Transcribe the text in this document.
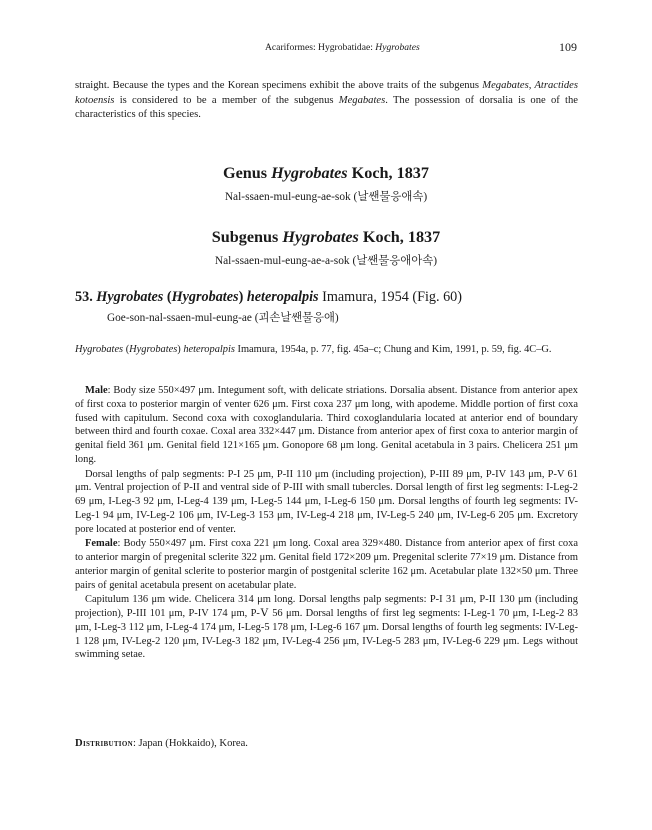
Acariformes: Hygrobatidae: Hygrobates	109
straight. Because the types and the Korean specimens exhibit the above traits of the subgenus Megabates, Atractides kotoensis is considered to be a member of the subgenus Megabates. The possession of dorsalia is one of the characteristics of this species.
Genus Hygrobates Koch, 1837
Nal-ssaen-mul-eung-ae-sok (날쌘물응애속)
Subgenus Hygrobates Koch, 1837
Nal-ssaen-mul-eung-ae-a-sok (날쌘물응애아속)
53. Hygrobates (Hygrobates) heteropalpis Imamura, 1954 (Fig. 60)
Goe-son-nal-ssaen-mul-eung-ae (괴손날쌘물응애)
Hygrobates (Hygrobates) heteropalpis Imamura, 1954a, p. 77, fig. 45a–c; Chung and Kim, 1991, p. 59, fig. 4C–G.

Male: Body size 550×497 μm. Integument soft, with delicate striations. Dorsalia absent. Distance from anterior apex of first coxa to posterior margin of venter 626 μm. First coxa 237 μm long, with apodeme. Middle portion of first coxa fused with capitulum. Second coxa with coxoglandularia. Third coxoglandularia located at anterior end of boundary between third and fourth coxae. Coxal area 332×447 μm. Distance from anterior apex of first coxa to anterior margin of genital field 361 μm. Genital field 121×165 μm. Gonopore 68 μm long. Genital acetabula in 3 pairs. Chelicera 251 μm long.

Dorsal lengths of palp segments: P-I 25 μm, P-II 110 μm (including projection), P-III 89 μm, P-IV 143 μm, P-V 61 μm. Ventral projection of P-II and ventral side of P-III with small tubercles. Dorsal length of first leg segments: I-Leg-2 69 μm, I-Leg-3 92 μm, I-Leg-4 139 μm, I-Leg-5 144 μm, I-Leg-6 150 μm. Dorsal lengths of fourth leg segments: IV-Leg-1 94 μm, IV-Leg-2 106 μm, IV-Leg-3 153 μm, IV-Leg-4 218 μm, IV-Leg-5 240 μm, IV-Leg-6 205 μm. Excretory pore located at posterior end of venter.

Female: Body 550×497 μm. First coxa 221 μm long. Coxal area 329×480. Distance from anterior apex of first coxa to anterior margin of pregenital sclerite 322 μm. Genital field 172×209 μm. Pregenital sclerite 77×19 μm. Distance from anterior margin of genital sclerite to posterior margin of postgenital sclerite 162 μm. Acetabular plate 132×50 μm. Three pairs of genital acetabula present on acetabular plate.

Capitulum 136 μm wide. Chelicera 314 μm long. Dorsal lengths palp segments: P-I 31 μm, P-II 130 μm (including projection), P-III 101 μm, P-IV 174 μm, P-Ⅴ 56 μm. Dorsal lengths of first leg segments: I-Leg-1 70 μm, I-Leg-2 83 μm, I-Leg-3 112 μm, I-Leg-4 174 μm, I-Leg-5 178 μm, I-Leg-6 167 μm. Dorsal lengths of fourth leg segments: IV-Leg-1 128 μm, IV-Leg-2 120 μm, IV-Leg-3 182 μm, IV-Leg-4 256 μm, IV-Leg-5 283 μm, IV-Leg-6 229 μm. Legs without swimming setae.

Distribution: Japan (Hokkaido), Korea.
